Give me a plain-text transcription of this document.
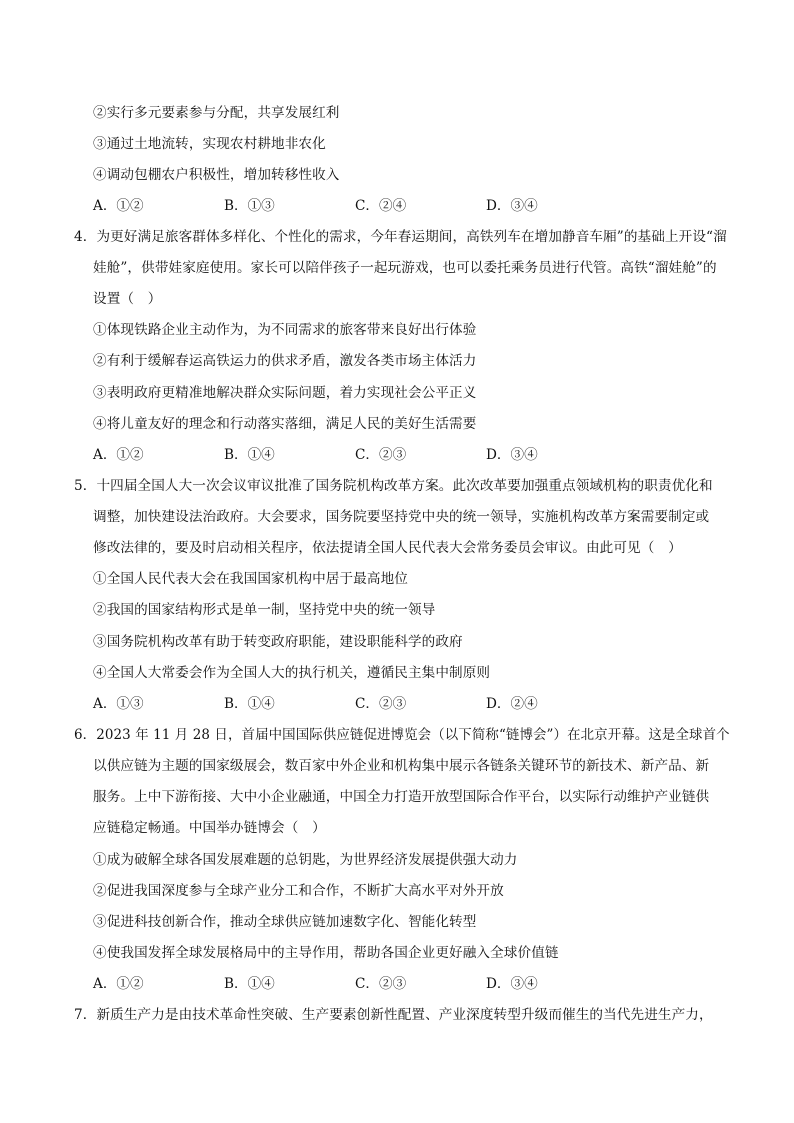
②实行多元要素参与分配，共享发展红利
③通过土地流转，实现农村耕地非农化
④调动包棚农户积极性，增加转移性收入
A．①②	B．①③	C．②④	D．③④
4．为更好满足旅客群体多样化、个性化的需求，今年春运期间，高铁列车在增加静音车厢”的基础上开设“溜
娃舱”，供带娃家庭使用。家长可以陪伴孩子一起玩游戏，也可以委托乘务员进行代管。高铁“溜娃舱”的
设置（　）
①体现铁路企业主动作为，为不同需求的旅客带来良好出行体验
②有利于缓解春运高铁运力的供求矛盾，激发各类市场主体活力
③表明政府更精准地解决群众实际问题，着力实现社会公平正义
④将儿童友好的理念和行动落实落细，满足人民的美好生活需要
A．①②	B．①④	C．②③	D．③④
5．十四届全国人大一次会议审议批准了国务院机构改革方案。此次改革要加强重点领域机构的职责优化和
调整，加快建设法治政府。大会要求，国务院要坚持党中央的统一领导，实施机构改革方案需要制定或
修改法律的，要及时启动相关程序，依法提请全国人民代表大会常务委员会审议。由此可见（　）
①全国人民代表大会在我国国家机构中居于最高地位
②我国的国家结构形式是单一制，坚持党中央的统一领导
③国务院机构改革有助于转变政府职能，建设职能科学的政府
④全国人大常委会作为全国人大的执行机关，遵循民主集中制原则
A．①③	B．①④	C．②③	D．②④
6．2023 年 11 月 28 日，首届中国国际供应链促进博览会（以下简称“链博会”）在北京开幕。这是全球首个
以供应链为主题的国家级展会，数百家中外企业和机构集中展示各链条关键环节的新技术、新产品、新
服务。上中下游衔接、大中小企业融通，中国全力打造开放型国际合作平台，以实际行动维护产业链供
应链稳定畅通。中国举办链博会（　）
①成为破解全球各国发展难题的总钥匙，为世界经济发展提供强大动力
②促进我国深度参与全球产业分工和合作，不断扩大高水平对外开放
③促进科技创新合作，推动全球供应链加速数字化、智能化转型
④使我国发挥全球发展格局中的主导作用，帮助各国企业更好融入全球价值链
A．①②	B．①④	C．②③	D．③④
7．新质生产力是由技术革命性突破、生产要素创新性配置、产业深度转型升级而催生的当代先进生产力，
